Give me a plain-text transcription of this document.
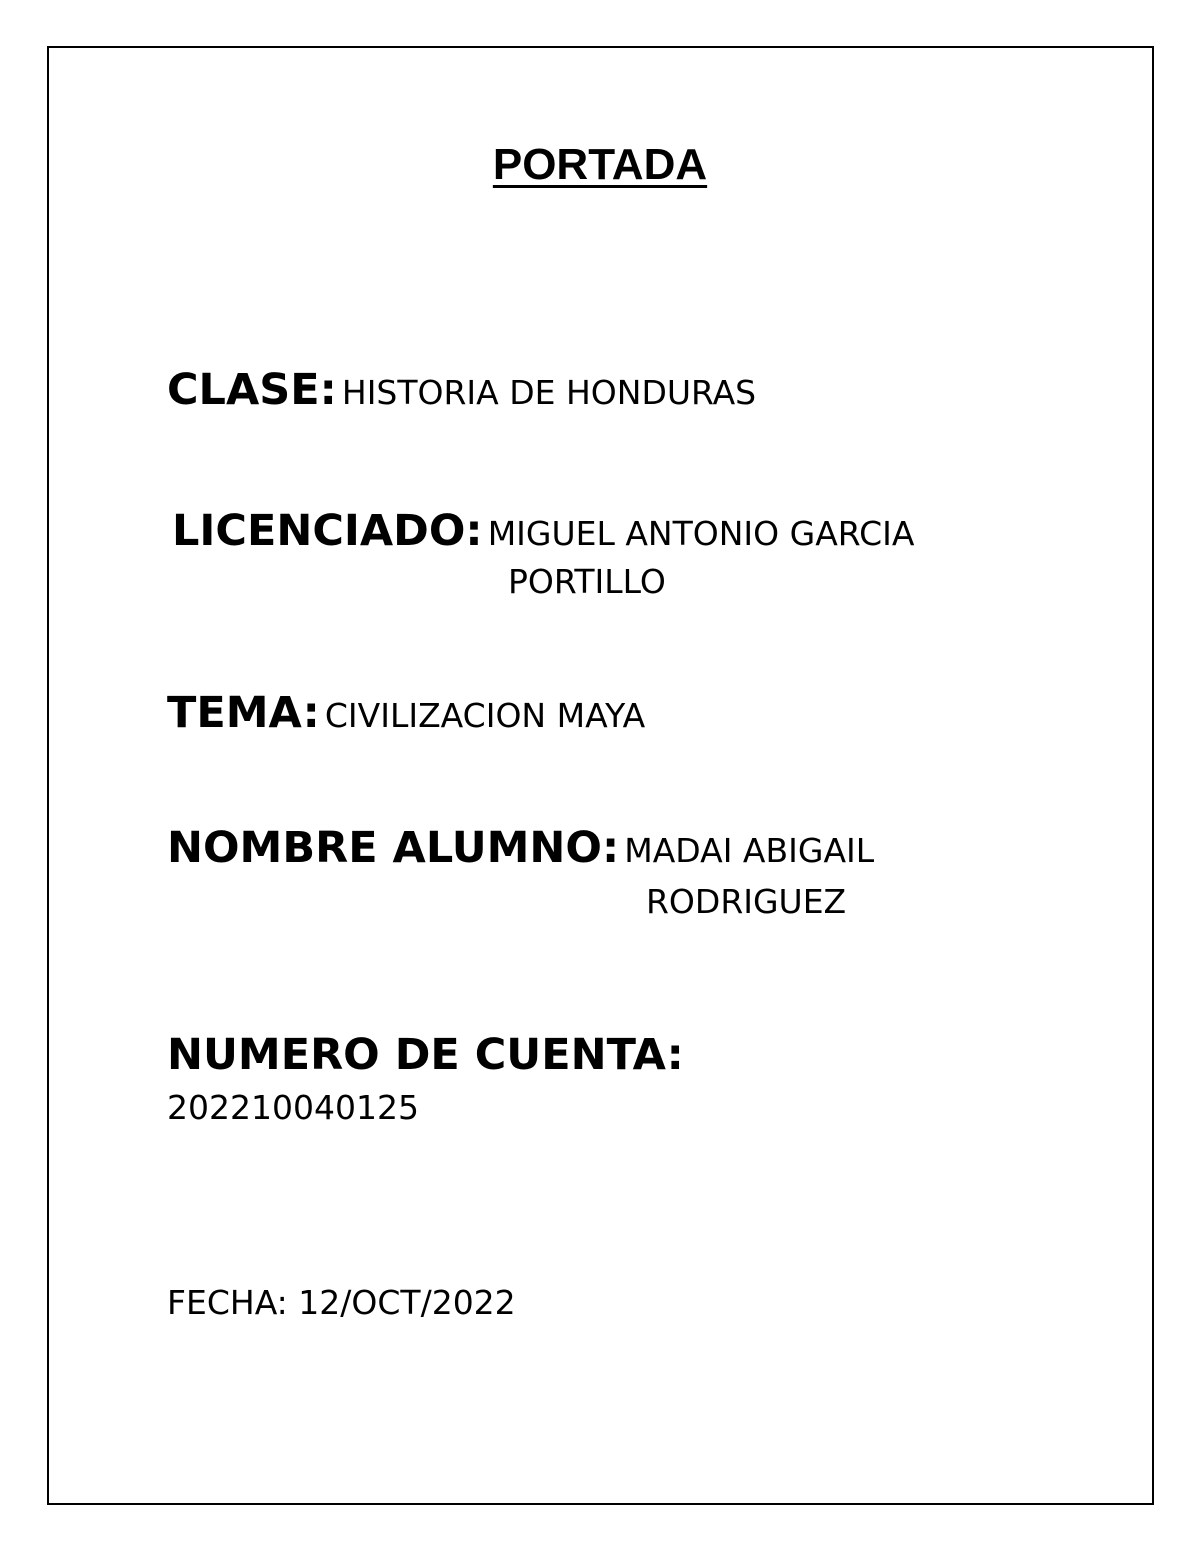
PORTADA
CLASE: HISTORIA DE HONDURAS
LICENCIADO: MIGUEL ANTONIO GARCIA
PORTILLO
TEMA: CIVILIZACION MAYA
NOMBRE ALUMNO: MADAI ABIGAIL
RODRIGUEZ
NUMERO DE CUENTA:
202210040125
FECHA: 12/OCT/2022
